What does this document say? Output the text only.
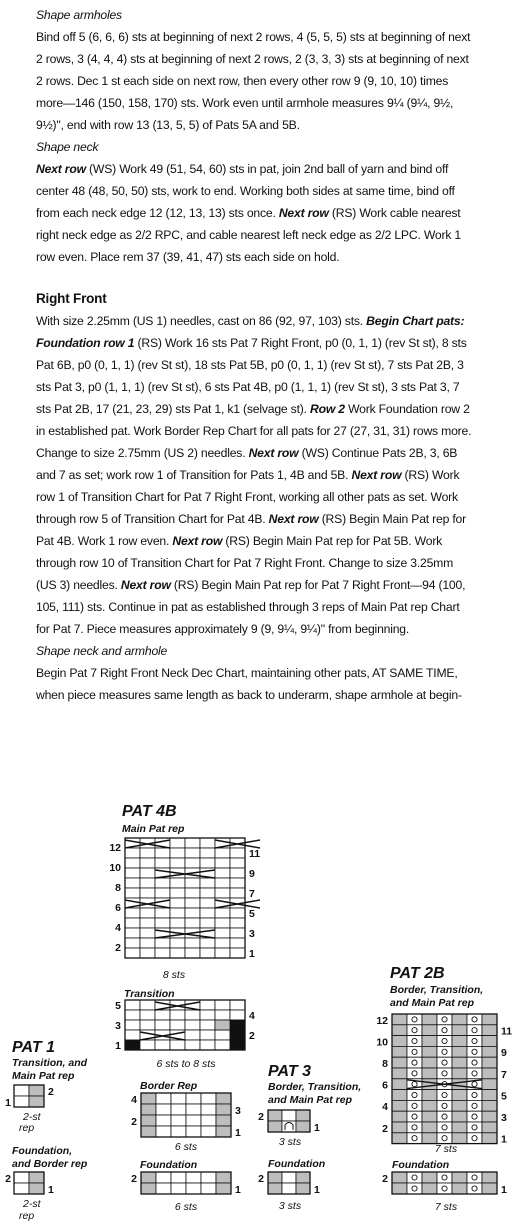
Shape armholes

Bind off 5 (6, 6, 6) sts at beginning of next 2 rows, 4 (5, 5, 5) sts at beginning of next 2 rows, 3 (4, 4, 4) sts at beginning of next 2 rows, 2 (3, 3, 3) sts at beginning of next 2 rows. Dec 1 st each side on next row, then every other row 9 (9, 10, 10) times more—146 (150, 158, 170) sts. Work even until armhole measures 9¼ (9¼, 9½, 9½)", end with row 13 (13, 5, 5) of Pats 5A and 5B.

Shape neck

Next row (WS) Work 49 (51, 54, 60) sts in pat, join 2nd ball of yarn and bind off center 48 (48, 50, 50) sts, work to end. Working both sides at same time, bind off from each neck edge 12 (12, 13, 13) sts once. Next row (RS) Work cable nearest right neck edge as 2/2 RPC, and cable nearest left neck edge as 2/2 LPC. Work 1 row even. Place rem 37 (39, 41, 47) sts each side on hold.

Right Front

With size 2.25mm (US 1) needles, cast on 86 (92, 97, 103) sts. Begin Chart pats: Foundation row 1 (RS) Work 16 sts Pat 7 Right Front, p0 (0, 1, 1) (rev St st), 8 sts Pat 6B, p0 (0, 1, 1) (rev St st), 18 sts Pat 5B, p0 (0, 1, 1) (rev St st), 7 sts Pat 2B, 3 sts Pat 3, p0 (1, 1, 1) (rev St st), 6 sts Pat 4B, p0 (1, 1, 1) (rev St st), 3 sts Pat 3, 7 sts Pat 2B, 17 (21, 23, 29) sts Pat 1, k1 (selvage st). Row 2 Work Foundation row 2 in established pat. Work Border Rep Chart for all pats for 27 (27, 31, 31) rows more. Change to size 2.75mm (US 2) needles. Next row (WS) Continue Pats 2B, 3, 6B and 7 as set; work row 1 of Transition for Pats 1, 4B and 5B. Next row (RS) Work row 1 of Transition Chart for Pat 7 Right Front, working all other pats as set. Work through row 5 of Transition Chart for Pat 4B. Next row (RS) Begin Main Pat rep for Pat 4B. Work 1 row even. Next row (RS) Begin Main Pat rep for Pat 5B. Work through row 10 of Transition Chart for Pat 7 Right Front. Change to size 3.25mm (US 3) needles. Next row (RS) Begin Main Pat rep for Pat 7 Right Front—94 (100, 105, 111) sts. Continue in pat as established through 3 reps of Main Pat rep Chart for Pat 7. Piece measures approximately 9 (9, 9¼, 9¼)" from beginning.

Shape neck and armhole

Begin Pat 7 Right Front Neck Dec Chart, maintaining other pats, AT SAME TIME, when piece measures same length as back to underarm, shape armhole at begin-

PAT 4B
Main Pat rep
12
10
8
6
4
2
11
9
7
5
3
1
8 sts
Transition
5
3
1
4
2
6 sts to 8 sts
Border Rep
4
2
3
1
6 sts
Foundation
2
1
6 sts
PAT 1
Transition, and
Main Pat rep
1
2
2-st
rep
Foundation,
and Border rep
2
1
2-st
rep
PAT 3
Border, Transition,
and Main Pat rep
2
1
3 sts
Foundation
2
1
3 sts
PAT 2B
Border, Transition,
and Main Pat rep
12
10
8
6
4
2
11
9
7
5
3
1
7 sts
Foundation
2
1
7 sts
